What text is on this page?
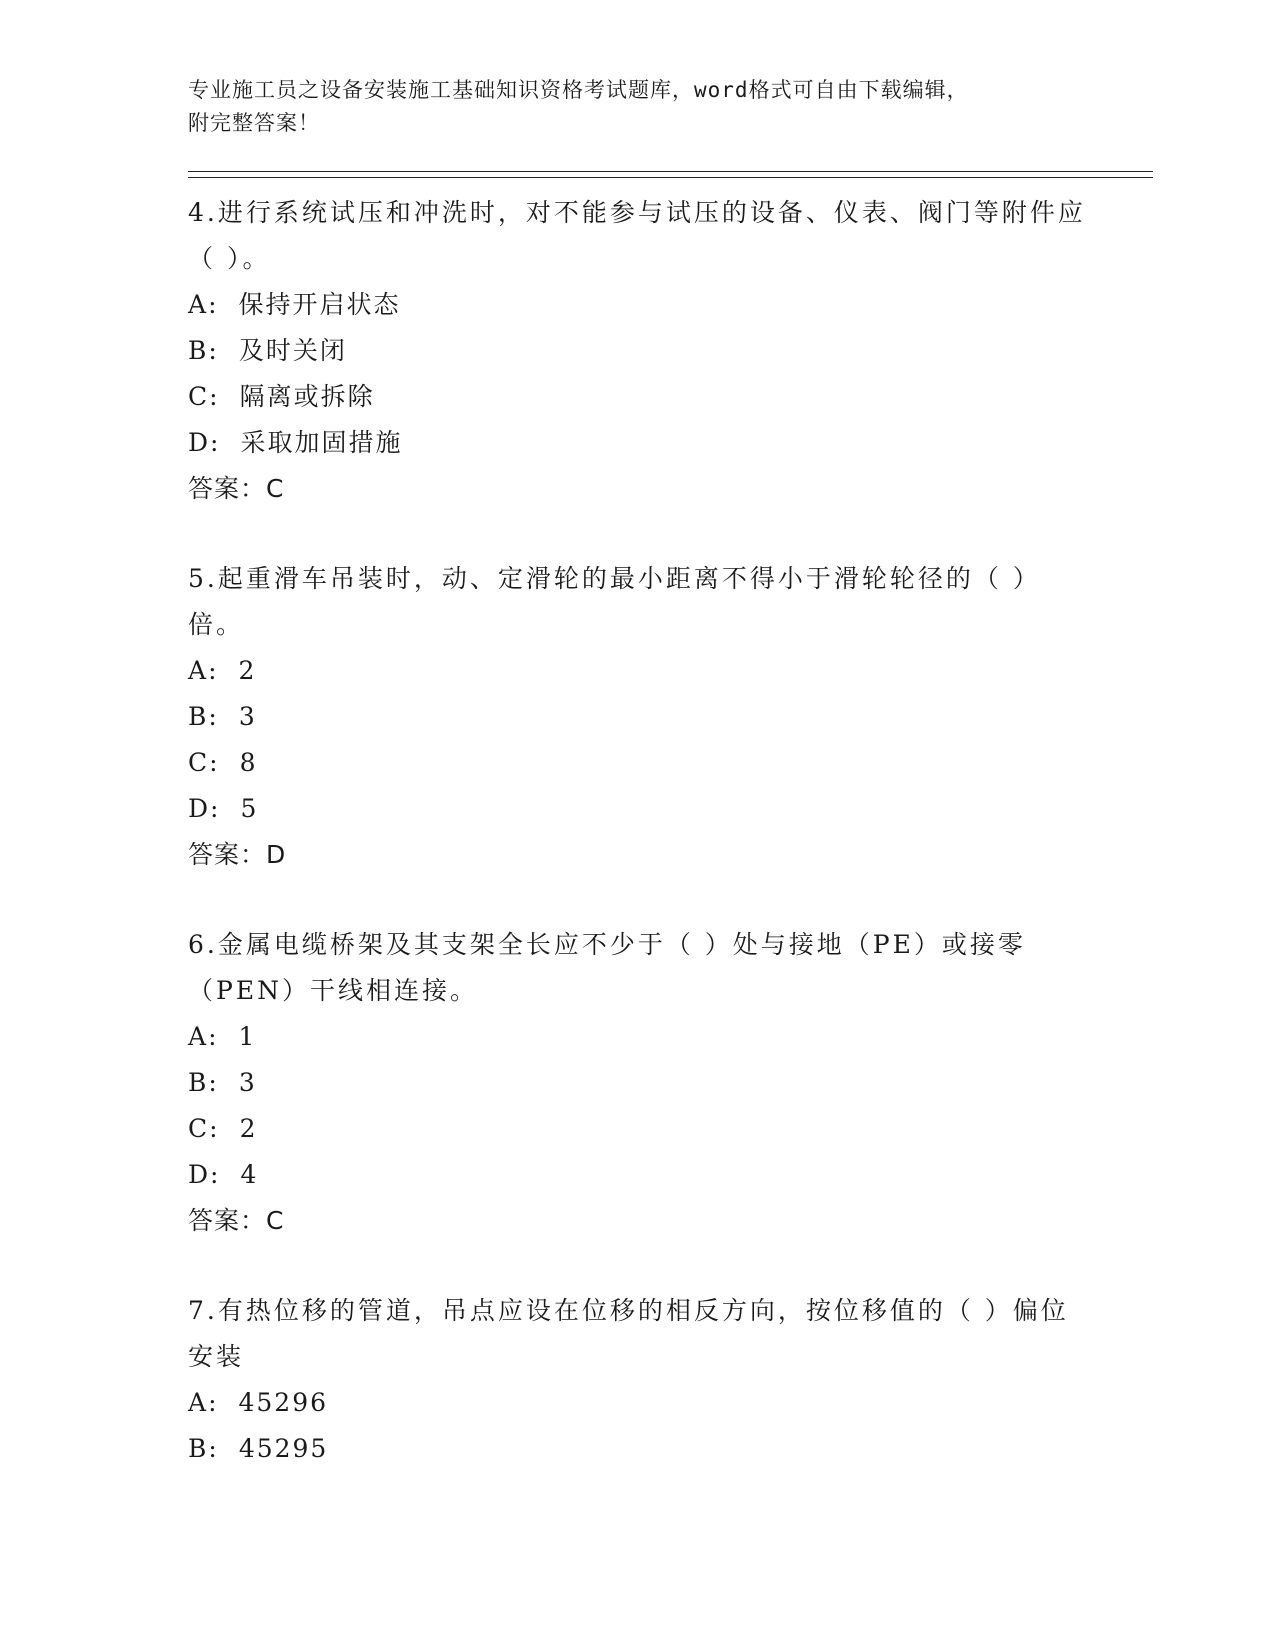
专业施工员之设备安装施工基础知识资格考试题库，word格式可自由下载编辑，
附完整答案！

4.进行系统试压和冲洗时，对不能参与试压的设备、仪表、阀门等附件应（ ）。

A: 保持开启状态

B: 及时关闭

C: 隔离或拆除

D: 采取加固措施

答案：C

5.起重滑车吊装时，动、定滑轮的最小距离不得小于滑轮轮径的（ ）倍。

A: 2

B: 3

C: 8

D: 5

答案：D

6.金属电缆桥架及其支架全长应不少于（ ）处与接地（PE）或接零（PEN）干线相连接。

A: 1

B: 3

C: 2

D: 4

答案：C

7.有热位移的管道，吊点应设在位移的相反方向，按位移值的（ ）偏位安装

A: 45296

B: 45295
